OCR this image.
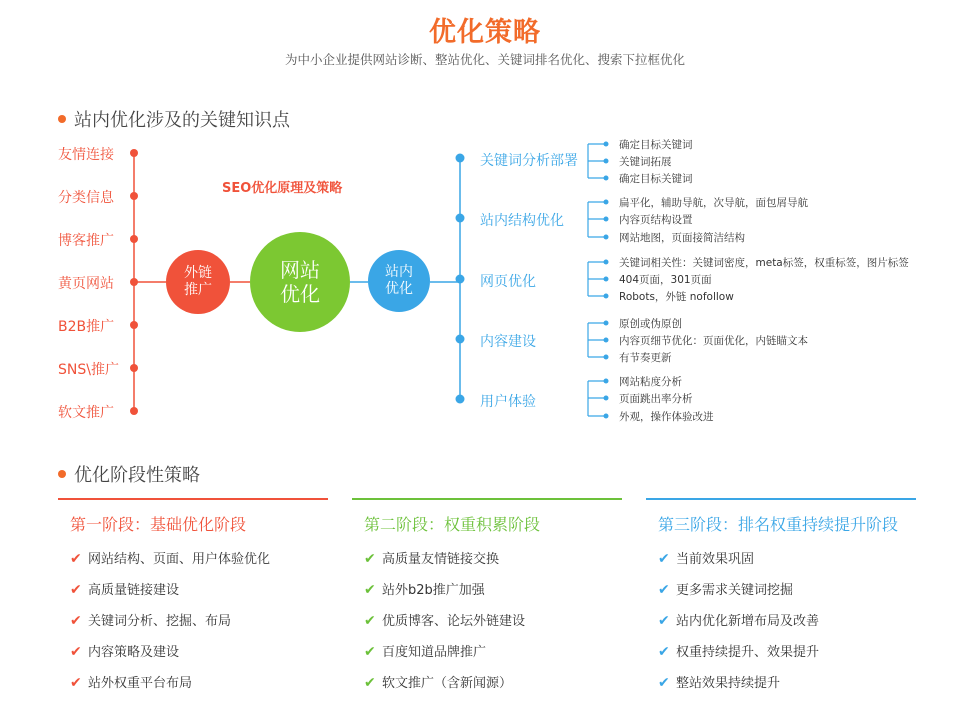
优化策略
为中小企业提供网站诊断、整站优化、关键词排名优化、搜索下拉框优化
站内优化涉及的关键知识点
友情连接
分类信息
博客推广
黄页网站
B2B推广
SNS\推广
软文推广
SEO优化原理及策略
外链
推广
网站
优化
站内
优化
关键词分析部署
站内结构优化
网页优化
内容建设
用户体验
确定目标关键词
关键词拓展
确定目标关键词
扁平化，辅助导航，次导航，面包屑导航
内容页结构设置
网站地图，页面接简洁结构
关键词相关性：关键词密度，meta标签，权重标签，图片标签
404页面，301页面
Robots，外链 nofollow
原创或伪原创
内容页细节优化：页面优化，内链瞄文本
有节奏更新
网站粘度分析
页面跳出率分析
外观，操作体验改进
优化阶段性策略
第一阶段：基础优化阶段
✔ 网站结构、页面、用户体验优化
✔ 高质量链接建设
✔ 关键词分析、挖掘、布局
✔ 内容策略及建设
✔ 站外权重平台布局
第二阶段：权重积累阶段
✔ 高质量友情链接交换
✔ 站外b2b推广加强
✔ 优质博客、论坛外链建设
✔ 百度知道品牌推广
✔ 软文推广（含新闻源）
第三阶段：排名权重持续提升阶段
✔ 当前效果巩固
✔ 更多需求关键词挖掘
✔ 站内优化新增布局及改善
✔ 权重持续提升、效果提升
✔ 整站效果持续提升
